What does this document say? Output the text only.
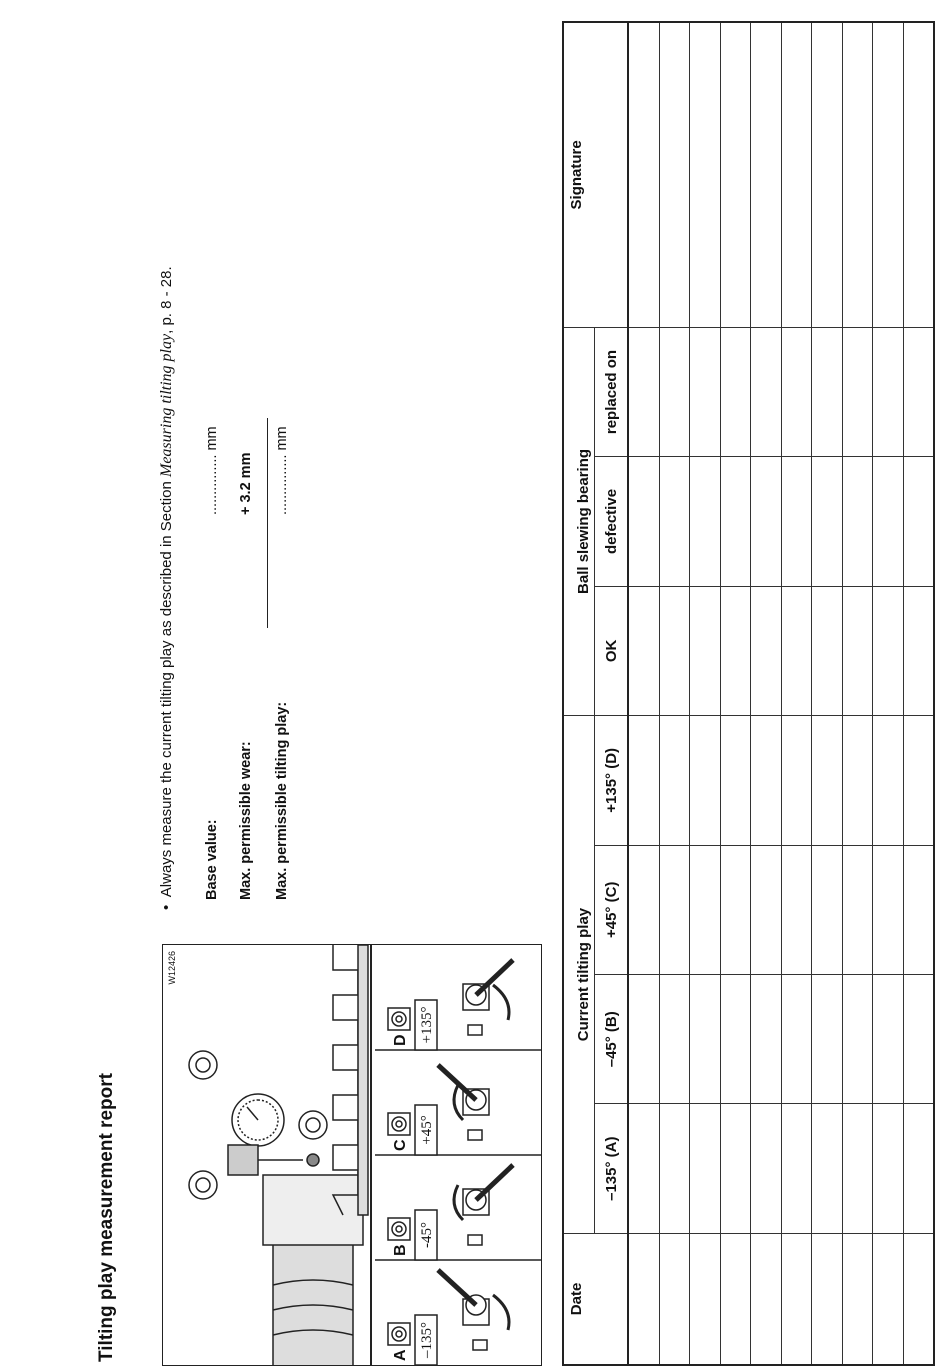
Tilting play measurement report
W12426
A
B
C
D
–135°
-45°
+45°
+135°
•  Always measure the current tilting play as described in Section Measuring tilting play, p. 8 - 28.
Base value:
............... mm
Max. permissible wear:
+ 3.2 mm
Max. permissible tilting play:
............... mm
Date	Current tilting play				Ball slewing bearing			Signature
	–135° (A)	–45° (B)	+45° (C)	+135° (D)	OK	defective	replaced on	
